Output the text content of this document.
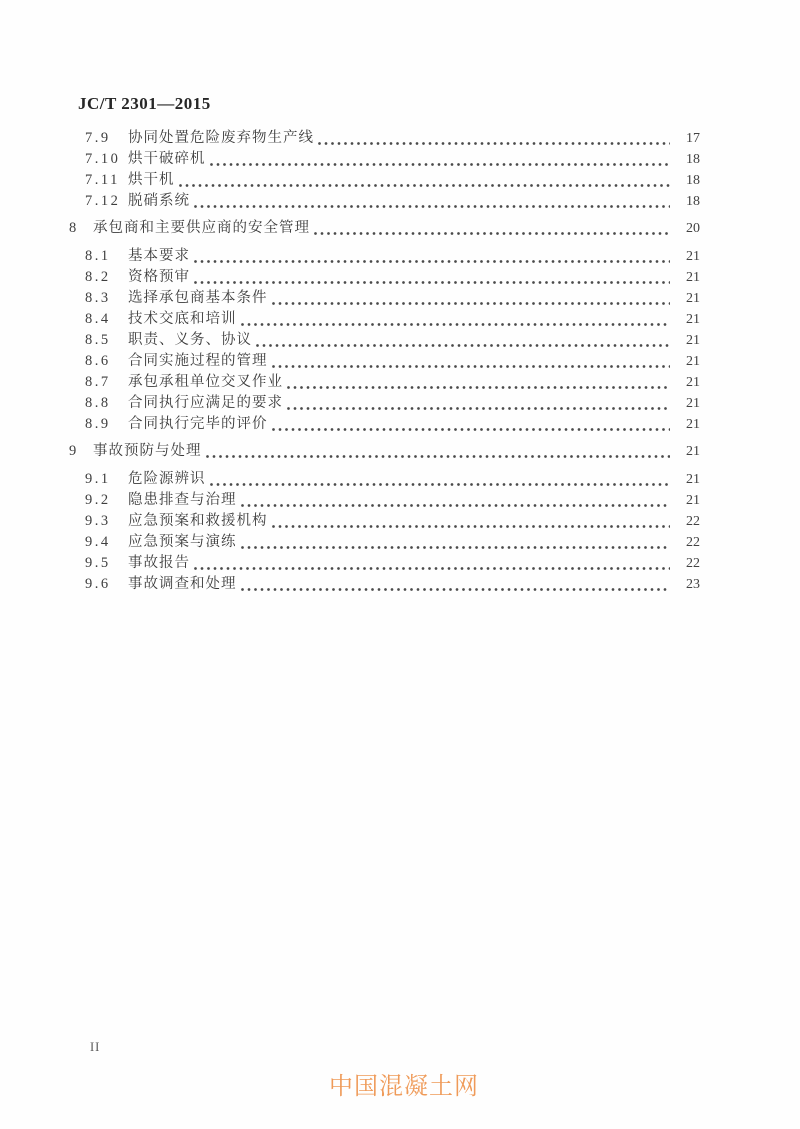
JC/T 2301—2015
7.9	协同处置危险废弃物生产线	17
7.10 烘干破碎机	18
7.11 烘干机	18
7.12 脱硝系统	18
8	承包商和主要供应商的安全管理	20
8.1	基本要求	21
8.2	资格预审	21
8.3	选择承包商基本条件	21
8.4	技术交底和培训	21
8.5	职责、义务、协议	21
8.6	合同实施过程的管理	21
8.7	承包承租单位交叉作业	21
8.8	合同执行应满足的要求	21
8.9	合同执行完毕的评价	21
9	事故预防与处理	21
9.1	危险源辨识	21
9.2	隐患排查与治理	21
9.3	应急预案和救援机构	22
9.4	应急预案与演练	22
9.5	事故报告	22
9.6	事故调查和处理	23
II
中国混凝土网
